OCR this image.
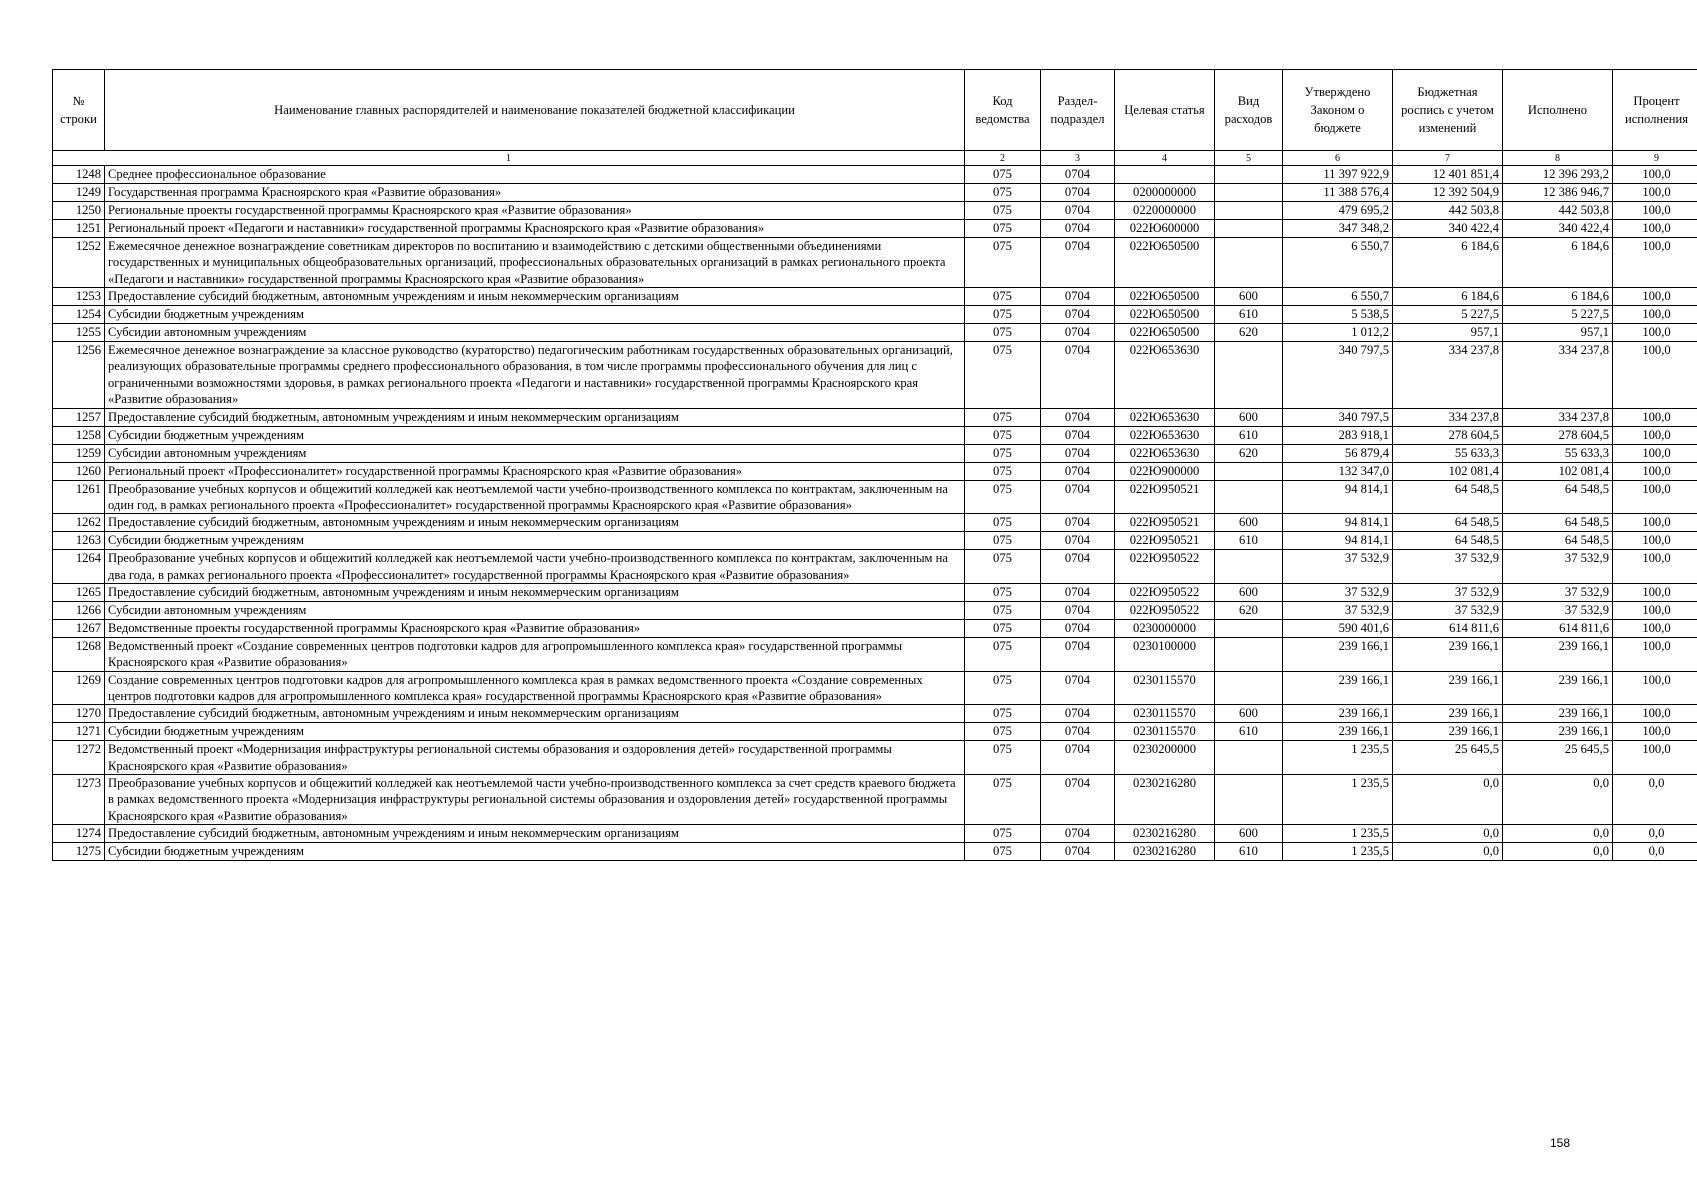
№ строки	Наименование главных распорядителей и наименование показателей бюджетной классификации	Код ведомства	Раздел-подраздел	Целевая статья	Вид расходов	Утверждено Законом о бюджете	Бюджетная роспись с учетом изменений	Исполнено	Процент исполнения
1		2	3	4	5	6	7	8	9
1248	Среднее профессиональное образование	075	0704			11 397 922,9	12 401 851,4	12 396 293,2	100,0
1249	Государственная программа Красноярского края «Развитие образования»	075	0704	0200000000		11 388 576,4	12 392 504,9	12 386 946,7	100,0
1250	Региональные проекты государственной программы Красноярского края «Развитие образования»	075	0704	0220000000		479 695,2	442 503,8	442 503,8	100,0
1251	Региональный проект «Педагоги и наставники» государственной программы Красноярского края «Развитие образования»	075	0704	022Ю600000		347 348,2	340 422,4	340 422,4	100,0
1252	Ежемесячное денежное вознаграждение советникам директоров по воспитанию и взаимодействию с детскими общественными объединениями государственных и муниципальных общеобразовательных организаций, профессиональных образовательных организаций в рамках регионального проекта «Педагоги и наставники» государственной программы Красноярского края «Развитие образования»	075	0704	022Ю650500		6 550,7	6 184,6	6 184,6	100,0
1253	Предоставление субсидий бюджетным, автономным учреждениям и иным некоммерческим организациям	075	0704	022Ю650500	600	6 550,7	6 184,6	6 184,6	100,0
1254	Субсидии бюджетным учреждениям	075	0704	022Ю650500	610	5 538,5	5 227,5	5 227,5	100,0
1255	Субсидии автономным учреждениям	075	0704	022Ю650500	620	1 012,2	957,1	957,1	100,0
1256	Ежемесячное денежное вознаграждение за классное руководство (кураторство) педагогическим работникам государственных образовательных организаций, реализующих образовательные программы среднего профессионального образования, в том числе программы профессионального обучения для лиц с ограниченными возможностями здоровья, в рамках регионального проекта «Педагоги и наставники» государственной программы Красноярского края «Развитие образования»	075	0704	022Ю653630		340 797,5	334 237,8	334 237,8	100,0
1257	Предоставление субсидий бюджетным, автономным учреждениям и иным некоммерческим организациям	075	0704	022Ю653630	600	340 797,5	334 237,8	334 237,8	100,0
1258	Субсидии бюджетным учреждениям	075	0704	022Ю653630	610	283 918,1	278 604,5	278 604,5	100,0
1259	Субсидии автономным учреждениям	075	0704	022Ю653630	620	56 879,4	55 633,3	55 633,3	100,0
1260	Региональный проект «Профессионалитет» государственной программы Красноярского края «Развитие образования»	075	0704	022Ю900000		132 347,0	102 081,4	102 081,4	100,0
1261	Преобразование учебных корпусов и общежитий колледжей как неотъемлемой части учебно-производственного комплекса по контрактам, заключенным на один год, в рамках регионального проекта «Профессионалитет» государственной программы Красноярского края «Развитие образования»	075	0704	022Ю950521		94 814,1	64 548,5	64 548,5	100,0
1262	Предоставление субсидий бюджетным, автономным учреждениям и иным некоммерческим организациям	075	0704	022Ю950521	600	94 814,1	64 548,5	64 548,5	100,0
1263	Субсидии бюджетным учреждениям	075	0704	022Ю950521	610	94 814,1	64 548,5	64 548,5	100,0
1264	Преобразование учебных корпусов и общежитий колледжей как неотъемлемой части учебно-производственного комплекса по контрактам, заключенным на два года, в рамках регионального проекта «Профессионалитет» государственной программы Красноярского края «Развитие образования»	075	0704	022Ю950522		37 532,9	37 532,9	37 532,9	100,0
1265	Предоставление субсидий бюджетным, автономным учреждениям и иным некоммерческим организациям	075	0704	022Ю950522	600	37 532,9	37 532,9	37 532,9	100,0
1266	Субсидии автономным учреждениям	075	0704	022Ю950522	620	37 532,9	37 532,9	37 532,9	100,0
1267	Ведомственные проекты государственной программы Красноярского края «Развитие образования»	075	0704	0230000000		590 401,6	614 811,6	614 811,6	100,0
1268	Ведомственный проект «Создание современных центров подготовки кадров для агропромышленного комплекса края» государственной программы Красноярского края «Развитие образования»	075	0704	0230100000		239 166,1	239 166,1	239 166,1	100,0
1269	Создание современных центров подготовки кадров для агропромышленного комплекса края в рамках ведомственного проекта «Создание современных центров подготовки кадров для агропромышленного комплекса края» государственной программы Красноярского края «Развитие образования»	075	0704	0230115570		239 166,1	239 166,1	239 166,1	100,0
1270	Предоставление субсидий бюджетным, автономным учреждениям и иным некоммерческим организациям	075	0704	0230115570	600	239 166,1	239 166,1	239 166,1	100,0
1271	Субсидии бюджетным учреждениям	075	0704	0230115570	610	239 166,1	239 166,1	239 166,1	100,0
1272	Ведомственный проект «Модернизация инфраструктуры региональной системы образования и оздоровления детей» государственной программы Красноярского края «Развитие образования»	075	0704	0230200000		1 235,5	25 645,5	25 645,5	100,0
1273	Преобразование учебных корпусов и общежитий колледжей как неотъемлемой части учебно-производственного комплекса за счет средств краевого бюджета в рамках ведомственного проекта «Модернизация инфраструктуры региональной системы образования и оздоровления детей» государственной программы Красноярского края «Развитие образования»	075	0704	0230216280		1 235,5	0,0	0,0	0,0
1274	Предоставление субсидий бюджетным, автономным учреждениям и иным некоммерческим организациям	075	0704	0230216280	600	1 235,5	0,0	0,0	0,0
1275	Субсидии бюджетным учреждениям	075	0704	0230216280	610	1 235,5	0,0	0,0	0,0
158
